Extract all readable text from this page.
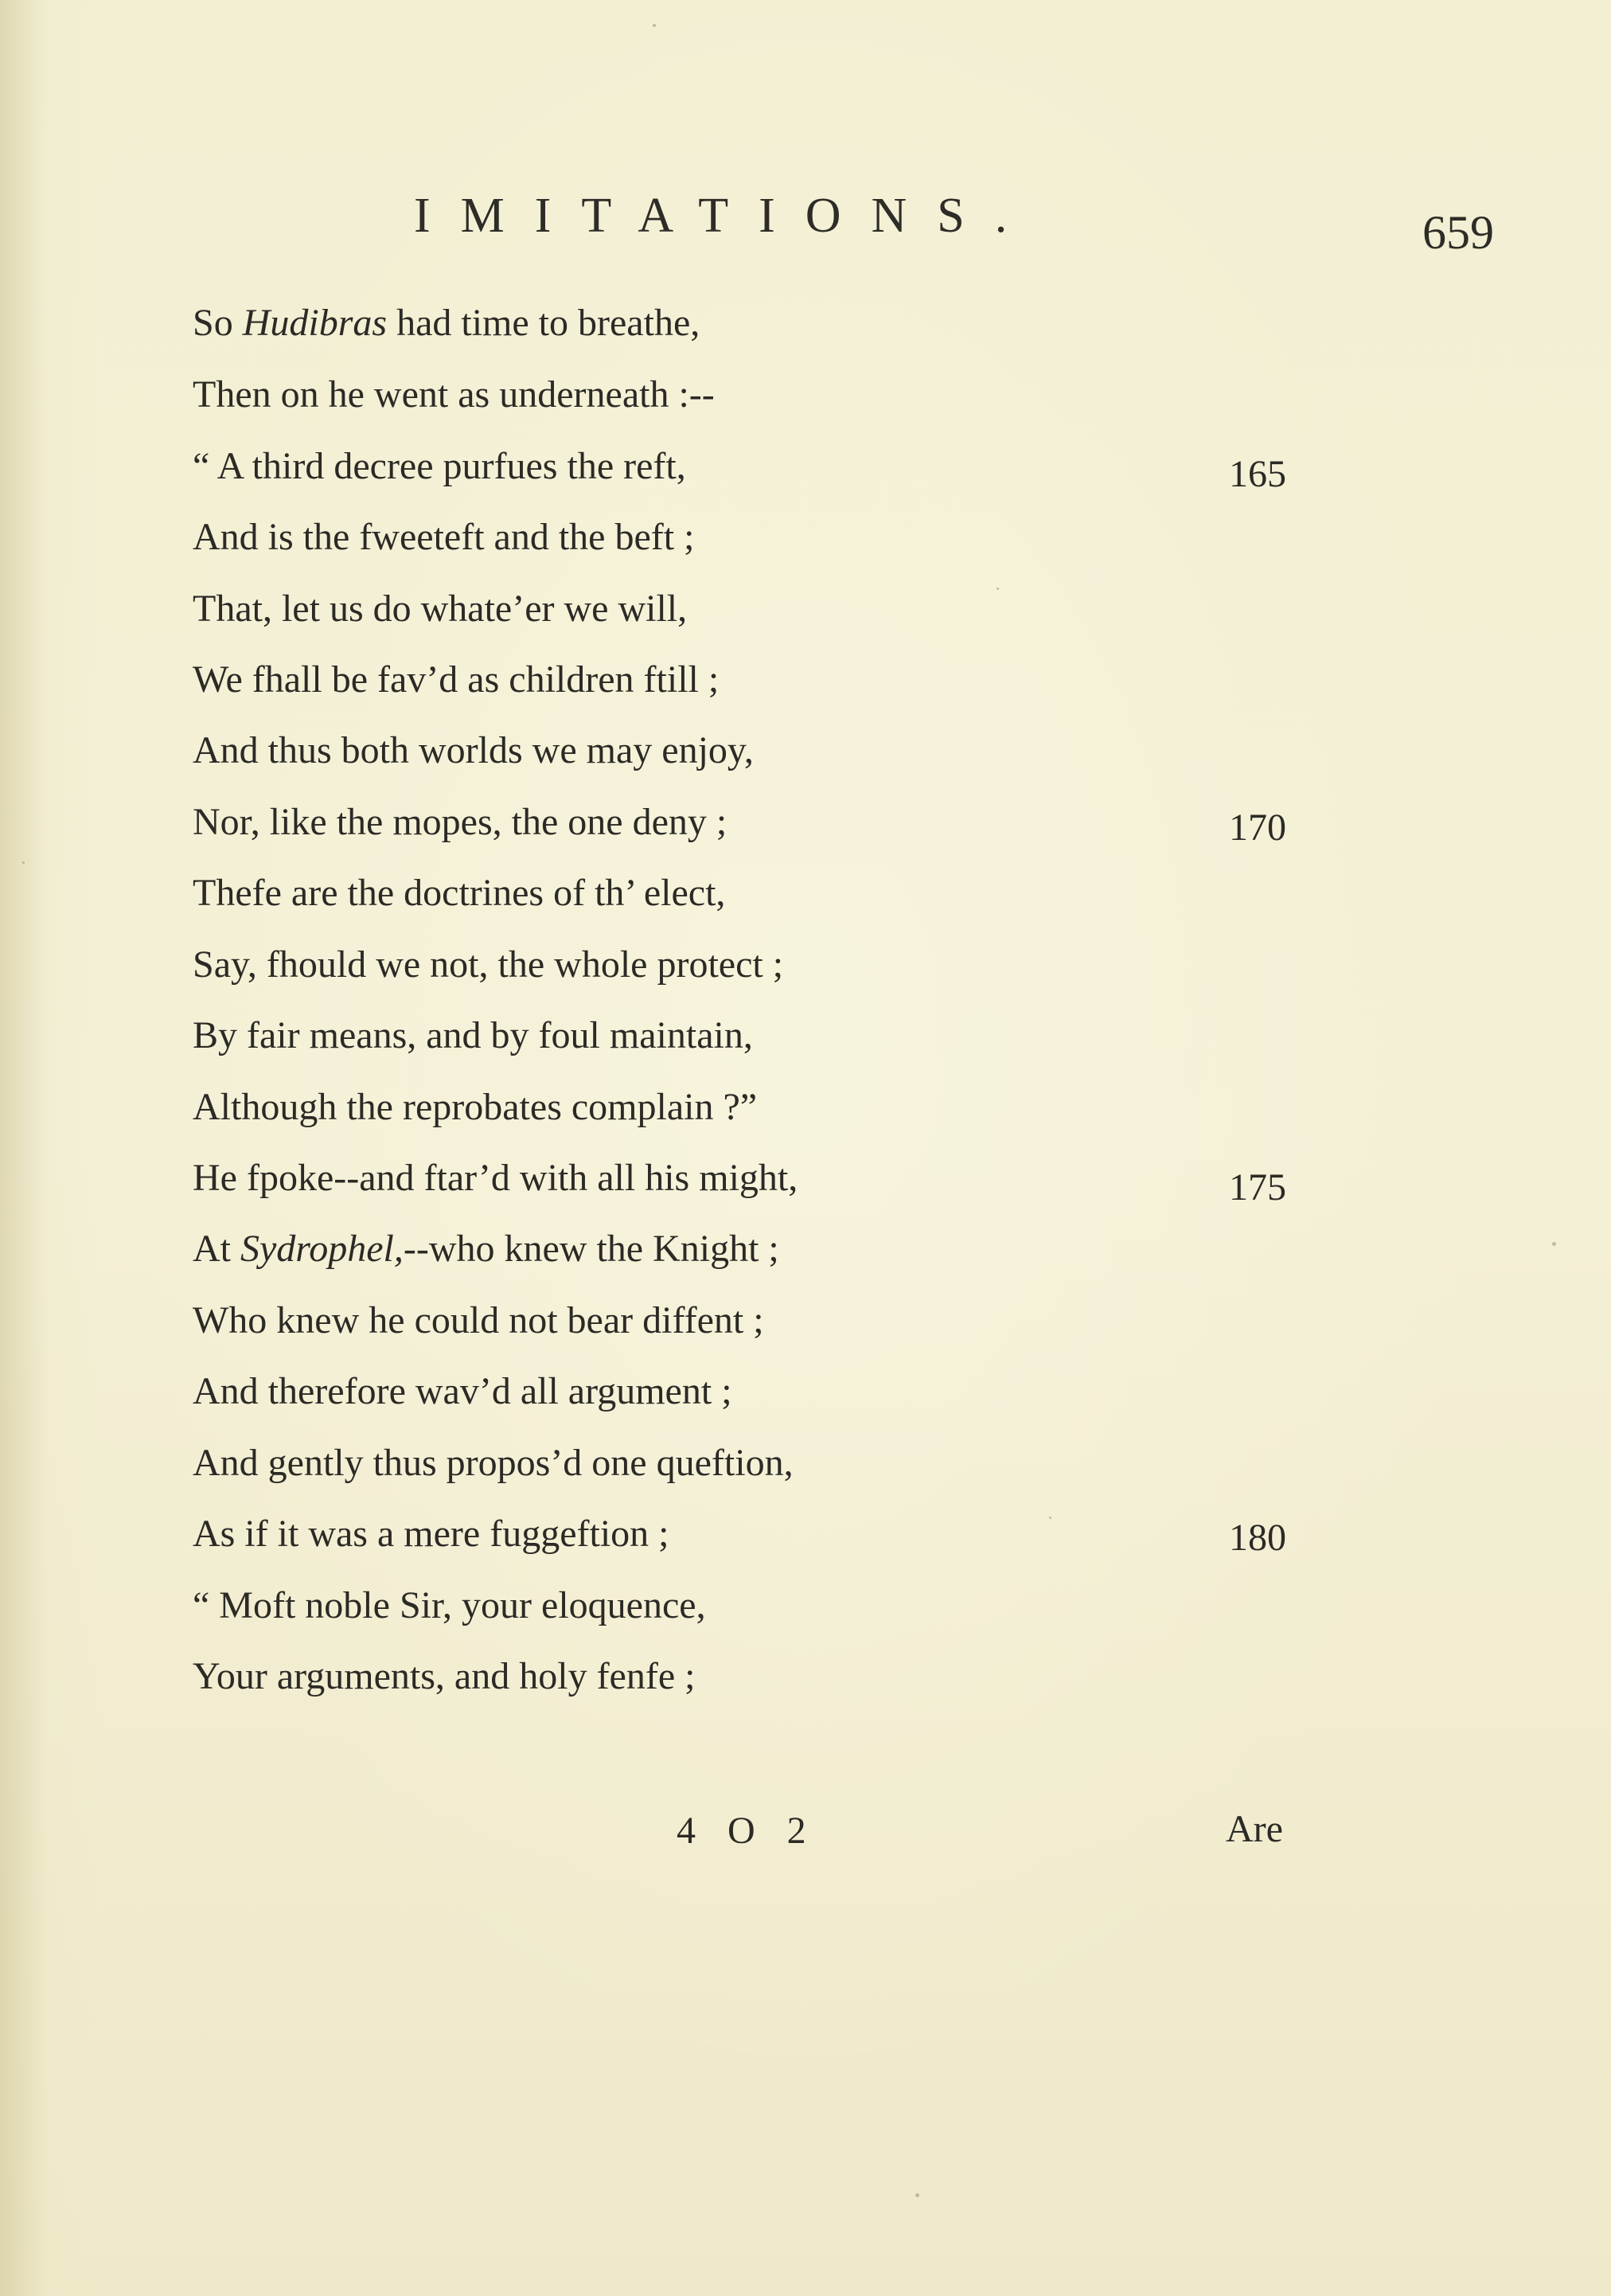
IMITATIONS.	659
So Hudibras had time to breathe,
Then on he went as underneath :--
“ A third decree purfues the reft,
And is the fweeteft and the beft ;
That, let us do whate’er we will,
We fhall be fav’d as children ftill ;
And thus both worlds we may enjoy,
Nor, like the mopes, the one deny ;
Thefe are the doctrines of th’ elect,
Say, fhould we not, the whole protect ;
By fair means, and by foul maintain,
Although the reprobates complain ?”
He fpoke--and ftar’d with all his might,
At Sydrophel,--who knew the Knight ;
Who knew he could not bear diffent ;
And therefore wav’d all argument ;
And gently thus propos’d one queftion,
As if it was a mere fuggeftion ;
“ Moft noble Sir, your eloquence,
Your arguments, and holy fenfe ;
165
170
175
180
4 O 2	Are
